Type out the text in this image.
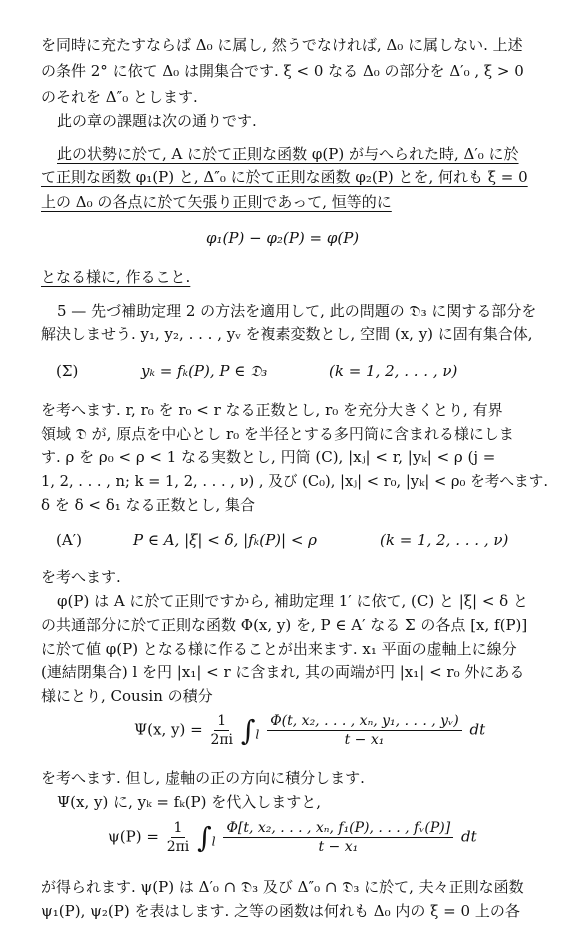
を同時に充たすならば Δ₀ に属し, 然うでなければ, Δ₀ に属しない. 上述
の条件 2° に依て Δ₀ は開集合です. ξ < 0 なる Δ₀ の部分を Δ′₀ , ξ > 0
のそれを Δ″₀ とします.
此の章の課題は次の通りです.
此の状勢に於て, A に於て正則な函数 φ(P) が与へられた時, Δ′₀ に於
て正則な函数 φ₁(P) と, Δ″₀ に於て正則な函数 φ₂(P) とを, 何れも ξ = 0
上の Δ₀ の各点に於て矢張り正則であって, 恒等的に
φ₁(P) − φ₂(P) = φ(P)
となる様に, 作ること.
5 — 先づ補助定理 2 の方法を適用して, 此の問題の 𝔇₃ に関する部分を
解決しませう. y₁, y₂, . . . , yᵥ を複素変数とし, 空間 (x, y) に固有集合体,
(Σ)	yₖ = fₖ(P), P ∈ 𝔇₃	(k = 1, 2, . . . , ν)
を考へます. r, r₀ を r₀ < r なる正数とし, r₀ を充分大きくとり, 有界
領域 𝔇 が, 原点を中心とし r₀ を半径とする多円筒に含まれる様にしま
す. ρ を ρ₀ < ρ < 1 なる実数とし, 円筒 (C), |xⱼ| < r, |yₖ| < ρ (j =
1, 2, . . . , n; k = 1, 2, . . . , ν) , 及び (C₀), |xⱼ| < r₀, |yₖ| < ρ₀ を考へます.
δ を δ < δ₁ なる正数とし, 集合
(A′)	P ∈ A, |ξ| < δ, |fₖ(P)| < ρ	(k = 1, 2, . . . , ν)
を考へます.
φ(P) は A に於て正則ですから, 補助定理 1′ に依て, (C) と |ξ| < δ と
の共通部分に於て正則な函数 Φ(x, y) を, P ∈ A′ なる Σ の各点 [x, f(P)]
に於て値 φ(P) となる様に作ることが出来ます. x₁ 平面の虚軸上に線分
(連結閉集合) l を円 |x₁| < r に含まれ, 其の両端が円 |x₁| < r₀ 外にある
様にとり, Cousin の積分
Ψ(x, $y) = \frac{1}{2\pi i} \int_l \frac{\text{Φ(t, x₂, . . . , xₙ, y₁, . . . , yᵥ)}}{\text{t − x₁}}$ dt
を考へます. 但し, 虚軸の正の方向に積分します.
Ψ(x, y) に, yₖ = fₖ(P) を代入しますと,
$\psi(P) = \frac{1}{2\pi i} \int_l \frac{\text{Φ[t, x₂, . . . , xₙ, f₁(P), . . . , fᵥ(P)]}}{\text{t − x₁}}$ dt
が得られます. ψ(P) は Δ′₀ ∩ 𝔇₃ 及び Δ″₀ ∩ 𝔇₃ に於て, 夫々正則な函数
ψ₁(P), ψ₂(P) を表はします. 之等の函数は何れも Δ₀ 内の ξ = 0 上の各
